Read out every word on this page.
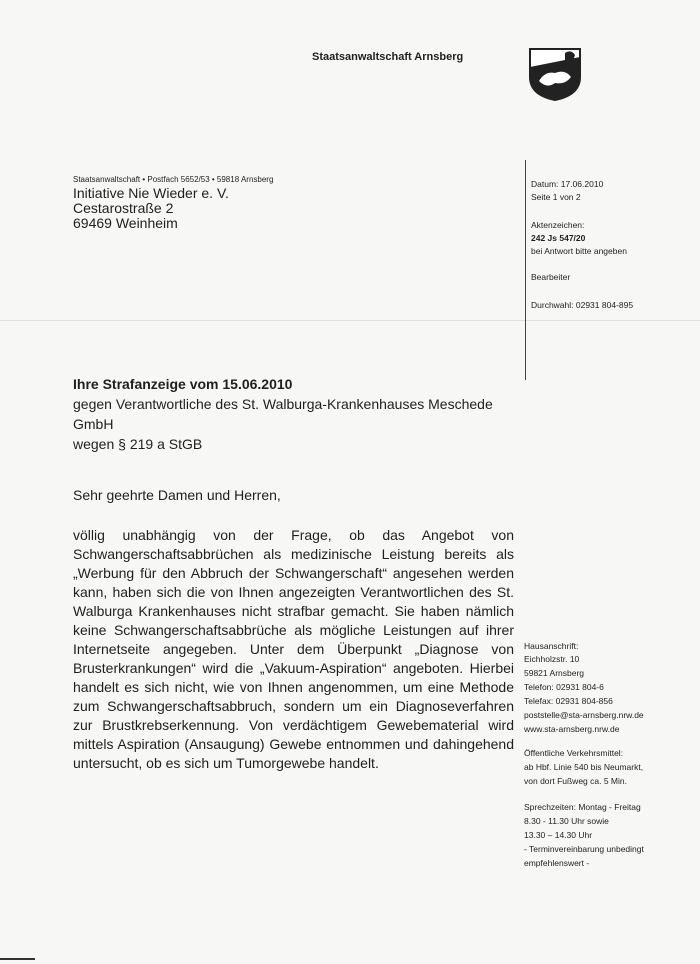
Staatsanwaltschaft Arnsberg
Staatsanwaltschaft • Postfach 5652/53 • 59818 Arnsberg
Initiative Nie Wieder e. V.
Cestarostraße 2
69469 Weinheim
Datum: 17.06.2010
Seite 1 von 2
Aktenzeichen:
242 Js 547/20
bei Antwort bitte angeben
Bearbeiter
Durchwahl: 02931 804-895
Ihre Strafanzeige vom 15.06.2010
gegen Verantwortliche des St. Walburga-Krankenhauses Meschede
GmbH
wegen § 219 a StGB
Sehr geehrte Damen und Herren,
völlig unabhängig von der Frage, ob das Angebot von Schwangerschaftsabbrüchen als medizinische Leistung bereits als „Werbung für den Abbruch der Schwangerschaft“ angesehen werden kann, haben sich die von Ihnen angezeigten Verantwortlichen des St. Walburga Krankenhauses nicht strafbar gemacht. Sie haben nämlich keine Schwangerschaftsabbrüche als mögliche Leistungen auf ihrer Internetseite angegeben. Unter dem Überpunkt „Diagnose von Brusterkrankungen“ wird die „Vakuum-Aspiration“ angeboten. Hierbei handelt es sich nicht, wie von Ihnen angenommen, um eine Methode zum Schwangerschaftsabbruch, sondern um ein Diagnoseverfahren zur Brustkrebserkennung. Von verdächtigem Gewebematerial wird mittels Aspiration (Ansaugung) Gewebe entnommen und dahingehend untersucht, ob es sich um Tumorgewebe handelt.
Hausanschrift:
Eichholzstr. 10
59821 Arnsberg
Telefon: 02931 804-6
Telefax: 02931 804-856
poststelle@sta-arnsberg.nrw.de
www.sta-arnsberg.nrw.de
Öffentliche Verkehrsmittel:
ab Hbf. Linie 540 bis Neumarkt,
von dort Fußweg ca. 5 Min.
Sprechzeiten: Montag - Freitag
8.30 - 11.30 Uhr sowie
13.30 – 14.30 Uhr
- Terminvereinbarung unbedingt
empfehlenswert -
